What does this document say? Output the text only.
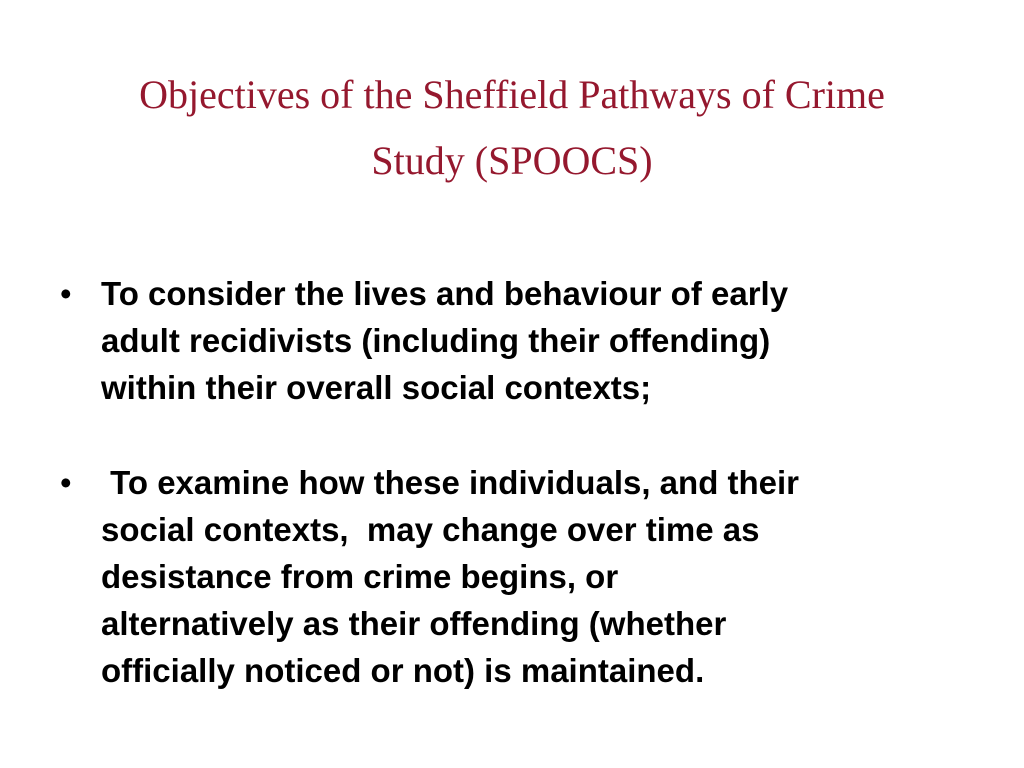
Objectives of the Sheffield Pathways of Crime
Study (SPOOCS)
• To consider the lives and behaviour of early
adult recidivists (including their offending)
within their overall social contexts;
• To examine how these individuals, and their
social contexts,  may change over time as
desistance from crime begins, or
alternatively as their offending (whether
officially noticed or not) is maintained.
